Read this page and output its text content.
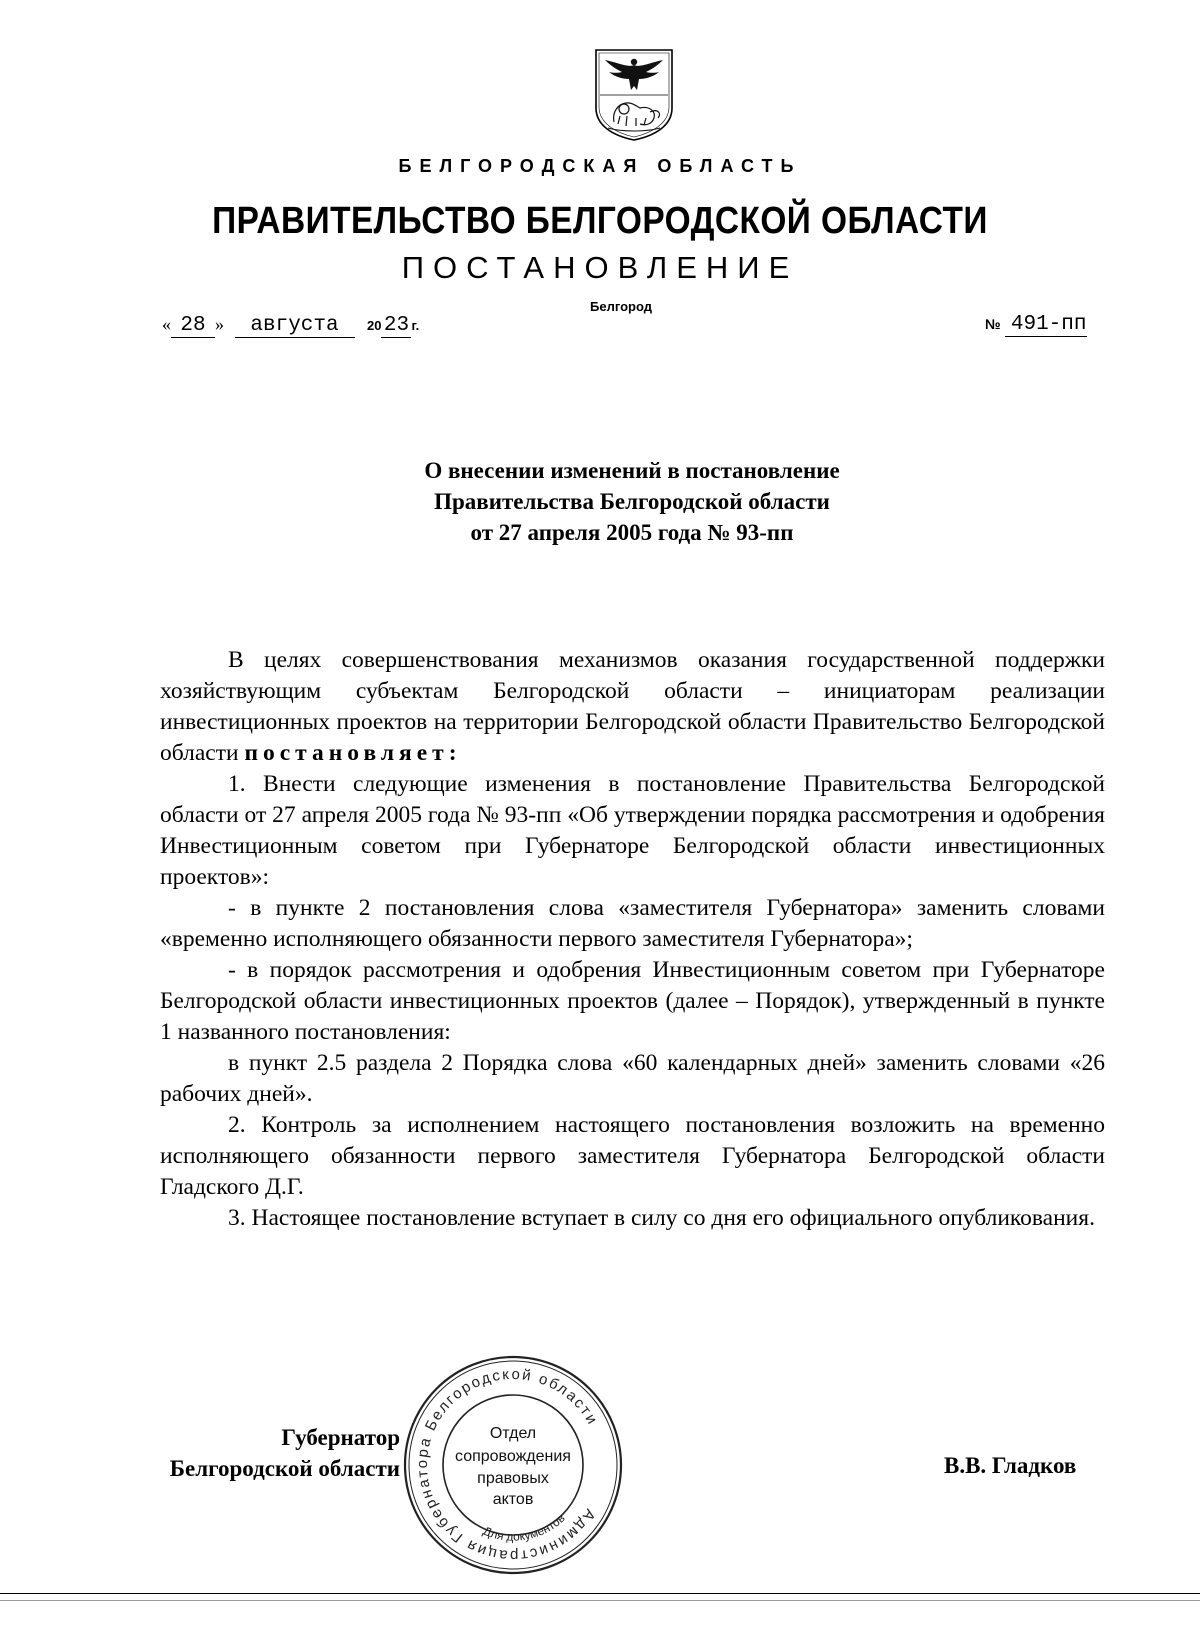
БЕЛГОРОДСКАЯ ОБЛАСТЬ
ПРАВИТЕЛЬСТВО БЕЛГОРОДСКОЙ ОБЛАСТИ
ПОСТАНОВЛЕНИЕ
Белгород
« 28 » августа 20 23 г.	№ 491-пп
О внесении изменений в постановление
Правительства Белгородской области
от 27 апреля 2005 года № 93-пп

В целях совершенствования механизмов оказания государственной поддержки хозяйствующим субъектам Белгородской области – инициаторам реализации инвестиционных проектов на территории Белгородской области Правительство Белгородской области постановляет:

1. Внести следующие изменения в постановление Правительства Белгородской области от 27 апреля 2005 года № 93-пп «Об утверждении порядка рассмотрения и одобрения Инвестиционным советом при Губернаторе Белгородской области инвестиционных проектов»:

- в пункте 2 постановления слова «заместителя Губернатора» заменить словами «временно исполняющего обязанности первого заместителя Губернатора»;

- в порядок рассмотрения и одобрения Инвестиционным советом при Губернаторе Белгородской области инвестиционных проектов (далее – Порядок), утвержденный в пункте 1 названного постановления:

в пункт 2.5 раздела 2 Порядка слова «60 календарных дней» заменить словами «26 рабочих дней».

2. Контроль за исполнением настоящего постановления возложить на временно исполняющего обязанности первого заместителя Губернатора Белгородской области Гладского Д.Г.

3. Настоящее постановление вступает в силу со дня его официального опубликования.

Губернатор
Белгородской области
Администрация Губернатора Белгородской области
Для документов
Отдел
сопровождения
правовых
актов
В.В. Гладков
